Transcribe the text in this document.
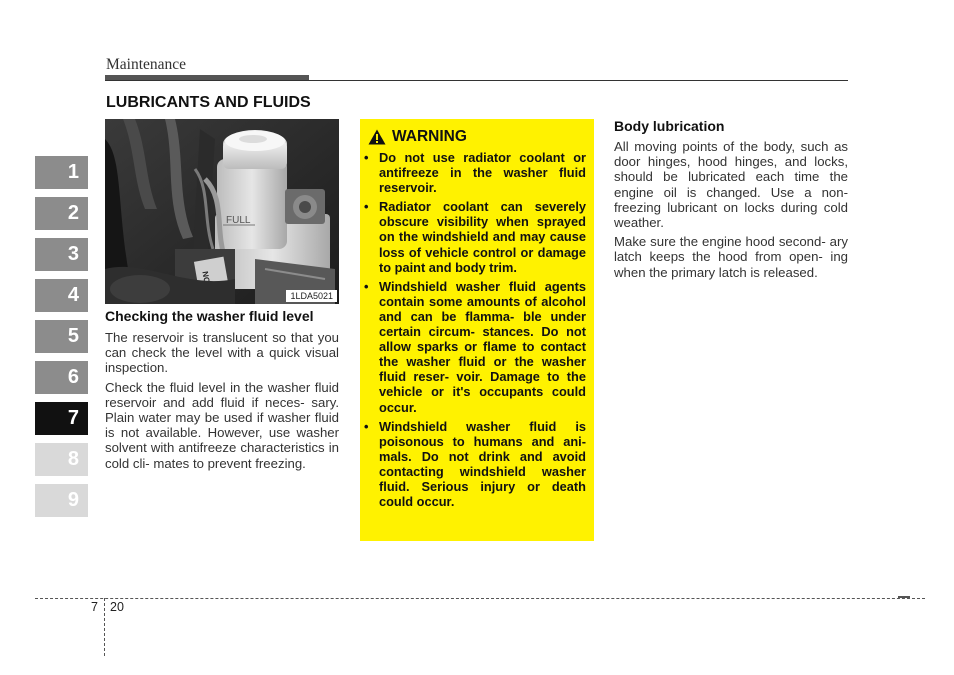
Maintenance
LUBRICANTS AND FLUIDS
1
2
3
4
5
6
7
8
9
FULL
NO
1LDA5021
Checking the washer fluid level

The reservoir is translucent so that you can check the level with a quick visual inspection.

Check the fluid level in the washer fluid reservoir and add fluid if neces- sary. Plain water may be used if washer fluid is not available. However, use washer solvent with antifreeze characteristics in cold cli- mates to prevent freezing.

WARNING
• Do not use radiator coolant or antifreeze in the washer fluid reservoir.
• Radiator coolant can severely obscure visibility when sprayed on the windshield and may cause loss of vehicle control or damage to paint and body trim.
• Windshield washer fluid agents contain some amounts of alcohol and can be flamma- ble under certain circum- stances. Do not allow sparks or flame to contact the washer fluid or the washer fluid reser- voir. Damage to the vehicle or it's occupants could occur.
• Windshield washer fluid is poisonous to humans and ani- mals. Do not drink and avoid contacting windshield washer fluid. Serious injury or death could occur.
Body lubrication

All moving points of the body, such as door hinges, hood hinges, and locks, should be lubricated each time the engine oil is changed. Use a non- freezing lubricant on locks during cold weather.

Make sure the engine hood second- ary latch keeps the hood from open- ing when the primary latch is released.

7 20
